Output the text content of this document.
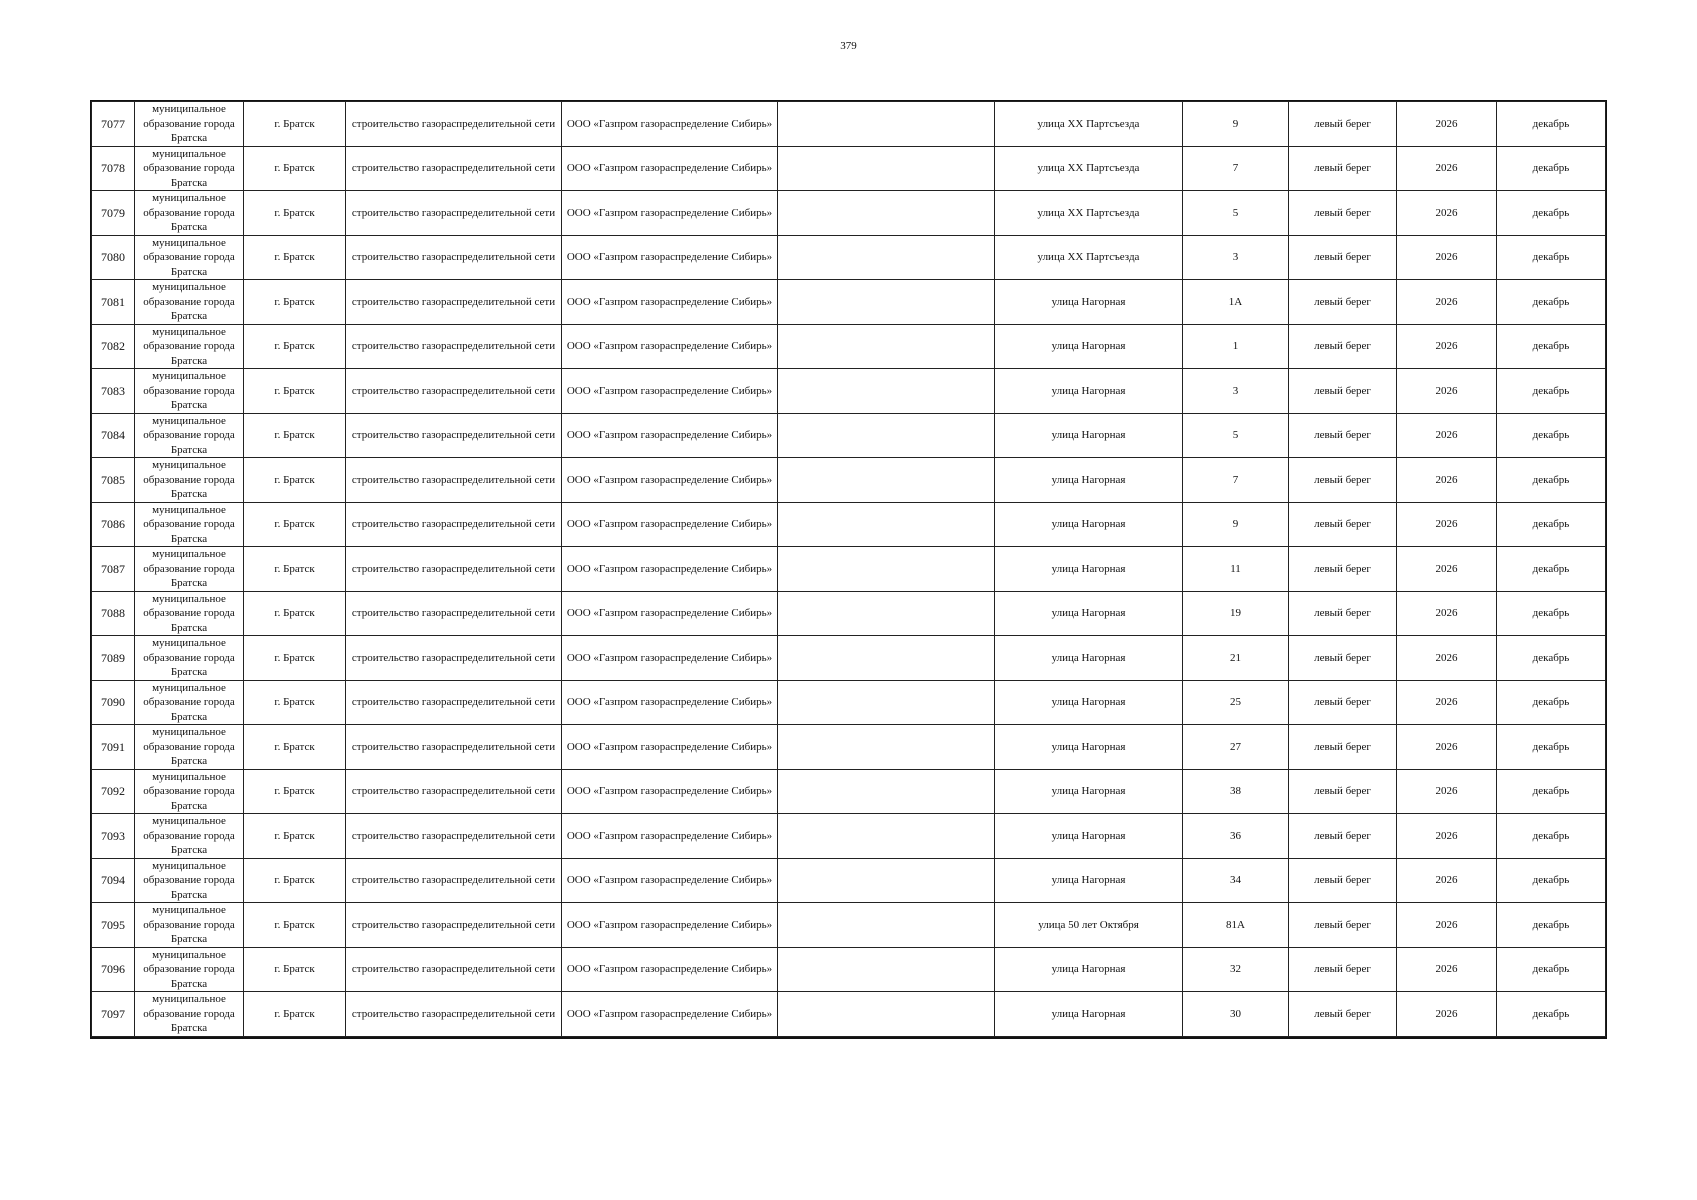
379
7077	муниципальное образование города Братска	г. Братск	строительство газораспределительной сети	ООО «Газпром газораспределение Сибирь»		улица XX Партсъезда	9	левый берег	2026	декабрь
7078	муниципальное образование города Братска	г. Братск	строительство газораспределительной сети	ООО «Газпром газораспределение Сибирь»		улица XX Партсъезда	7	левый берег	2026	декабрь
7079	муниципальное образование города Братска	г. Братск	строительство газораспределительной сети	ООО «Газпром газораспределение Сибирь»		улица XX Партсъезда	5	левый берег	2026	декабрь
7080	муниципальное образование города Братска	г. Братск	строительство газораспределительной сети	ООО «Газпром газораспределение Сибирь»		улица XX Партсъезда	3	левый берег	2026	декабрь
7081	муниципальное образование города Братска	г. Братск	строительство газораспределительной сети	ООО «Газпром газораспределение Сибирь»		улица Нагорная	1А	левый берег	2026	декабрь
7082	муниципальное образование города Братска	г. Братск	строительство газораспределительной сети	ООО «Газпром газораспределение Сибирь»		улица Нагорная	1	левый берег	2026	декабрь
7083	муниципальное образование города Братска	г. Братск	строительство газораспределительной сети	ООО «Газпром газораспределение Сибирь»		улица Нагорная	3	левый берег	2026	декабрь
7084	муниципальное образование города Братска	г. Братск	строительство газораспределительной сети	ООО «Газпром газораспределение Сибирь»		улица Нагорная	5	левый берег	2026	декабрь
7085	муниципальное образование города Братска	г. Братск	строительство газораспределительной сети	ООО «Газпром газораспределение Сибирь»		улица Нагорная	7	левый берег	2026	декабрь
7086	муниципальное образование города Братска	г. Братск	строительство газораспределительной сети	ООО «Газпром газораспределение Сибирь»		улица Нагорная	9	левый берег	2026	декабрь
7087	муниципальное образование города Братска	г. Братск	строительство газораспределительной сети	ООО «Газпром газораспределение Сибирь»		улица Нагорная	11	левый берег	2026	декабрь
7088	муниципальное образование города Братска	г. Братск	строительство газораспределительной сети	ООО «Газпром газораспределение Сибирь»		улица Нагорная	19	левый берег	2026	декабрь
7089	муниципальное образование города Братска	г. Братск	строительство газораспределительной сети	ООО «Газпром газораспределение Сибирь»		улица Нагорная	21	левый берег	2026	декабрь
7090	муниципальное образование города Братска	г. Братск	строительство газораспределительной сети	ООО «Газпром газораспределение Сибирь»		улица Нагорная	25	левый берег	2026	декабрь
7091	муниципальное образование города Братска	г. Братск	строительство газораспределительной сети	ООО «Газпром газораспределение Сибирь»		улица Нагорная	27	левый берег	2026	декабрь
7092	муниципальное образование города Братска	г. Братск	строительство газораспределительной сети	ООО «Газпром газораспределение Сибирь»		улица Нагорная	38	левый берег	2026	декабрь
7093	муниципальное образование города Братска	г. Братск	строительство газораспределительной сети	ООО «Газпром газораспределение Сибирь»		улица Нагорная	36	левый берег	2026	декабрь
7094	муниципальное образование города Братска	г. Братск	строительство газораспределительной сети	ООО «Газпром газораспределение Сибирь»		улица Нагорная	34	левый берег	2026	декабрь
7095	муниципальное образование города Братска	г. Братск	строительство газораспределительной сети	ООО «Газпром газораспределение Сибирь»		улица 50 лет Октября	81А	левый берег	2026	декабрь
7096	муниципальное образование города Братска	г. Братск	строительство газораспределительной сети	ООО «Газпром газораспределение Сибирь»		улица Нагорная	32	левый берег	2026	декабрь
7097	муниципальное образование города Братска	г. Братск	строительство газораспределительной сети	ООО «Газпром газораспределение Сибирь»		улица Нагорная	30	левый берег	2026	декабрь
